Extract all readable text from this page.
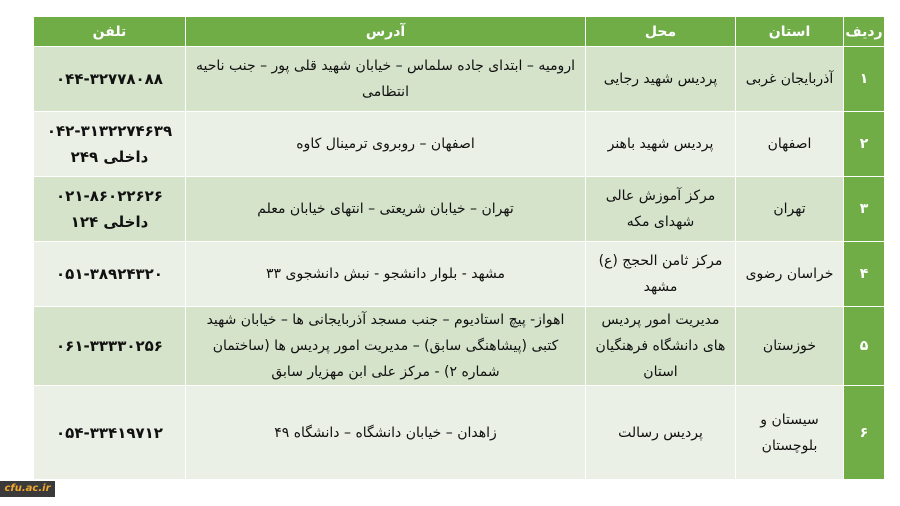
ردیف	استان	محل	آدرس	تلفن
۱	آذربایجان غربی	پردیس شهید رجایی	ارومیه – ابتدای جاده سلماس – خیابان شهید قلی پور – جنب ناحیه انتظامی	۰۴۴-۳۲۷۷۸۰۸۸

۲	اصفهان	پردیس شهید باهنر	اصفهان – روبروی ترمینال کاوه	۰۴۲-۳۱۳۲۲۷۴۶۳۹
داخلی ۲۴۹

۳	تهران	مرکز آموزش عالی شهدای مکه	تهران – خیابان شریعتی – انتهای خیابان معلم	۰۲۱-۸۶۰۲۲۶۲۶
داخلی ۱۲۴

۴	خراسان رضوی	مرکز ثامن الحجج (ع) مشهد	مشهد - بلوار دانشجو - نبش دانشجوی ۳۳	۰۵۱-۳۸۹۲۴۳۲۰

۵	خوزستان	مدیریت امور پردیس های دانشگاه فرهنگیان استان	اهواز- پیچ استادیوم – جنب مسجد آذربایجانی ها – خیابان شهید کتبی (پیشاهنگی سابق) – مدیریت امور پردیس ها (ساختمان شماره ۲) - مرکز علی ابن مهزیار سابق	۰۶۱-۳۳۳۳۰۲۵۶

۶	سیستان و بلوچستان	پردیس رسالت	زاهدان – خیابان دانشگاه – دانشگاه ۴۹	۰۵۴-۳۳۴۱۹۷۱۲
cfu.ac.ir
